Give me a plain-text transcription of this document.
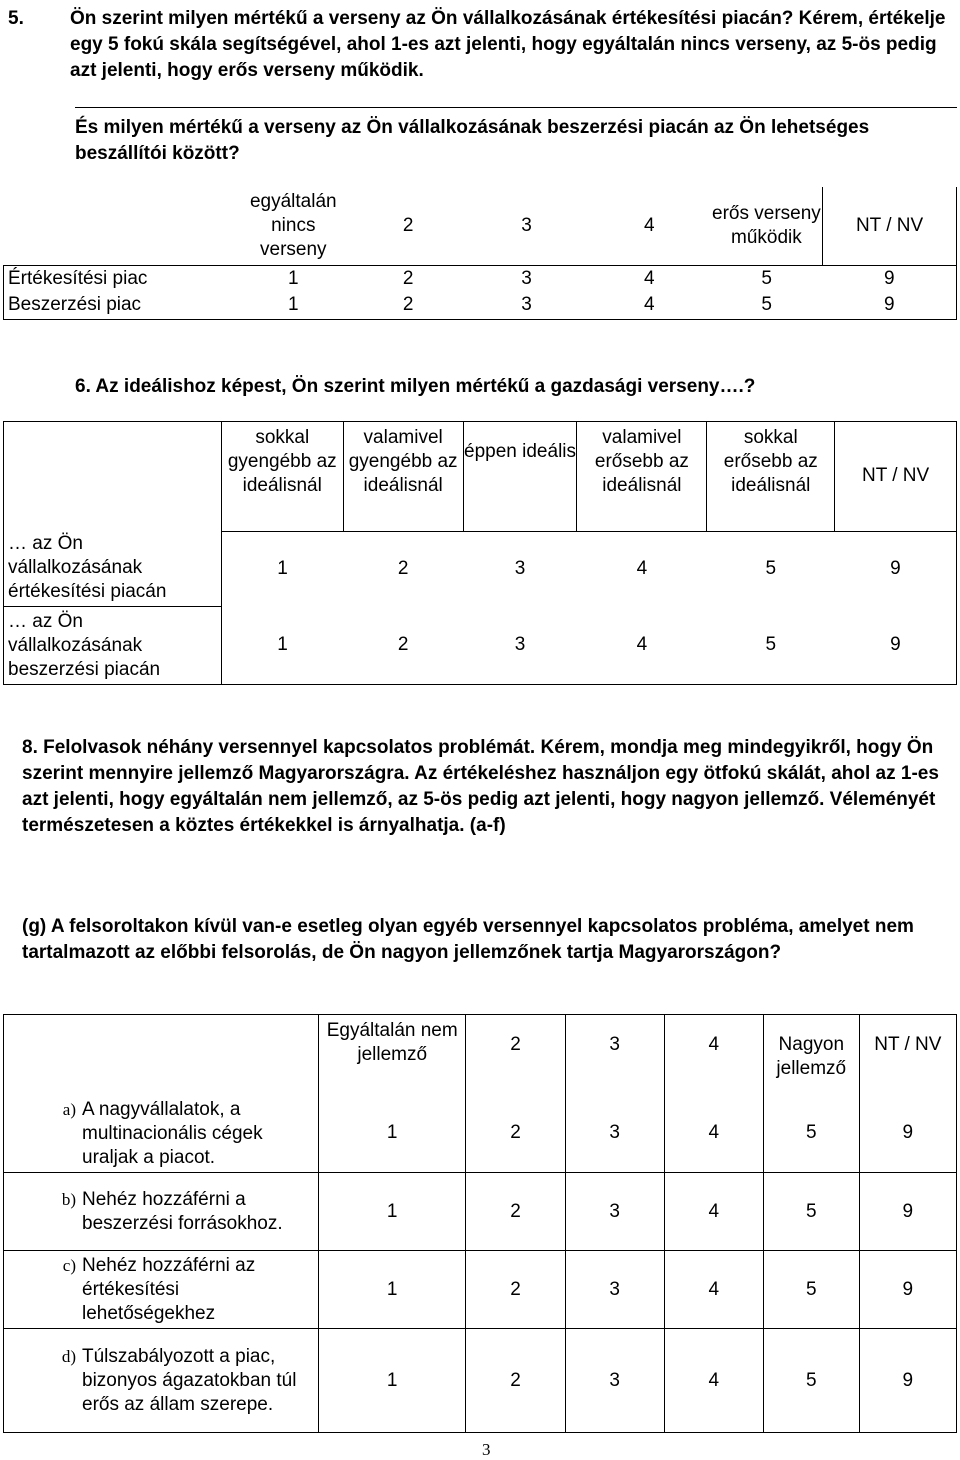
5. Ön szerint milyen mértékű a verseny az Ön vállalkozásának értékesítési piacán? Kérem, értékelje egy 5 fokú skála segítségével, ahol 1-es azt jelenti, hogy egyáltalán nincs verseny, az 5-ös pedig azt jelenti, hogy erős verseny működik.
És milyen mértékű a verseny az Ön vállalkozásának beszerzési piacán az Ön lehetséges beszállítói között?
	egyáltalán nincs verseny	2	3	4	erős verseny működik	NT / NV
Értékesítési piac	1	2	3	4	5	9
Beszerzési piac	1	2	3	4	5	9
6. Az ideálishoz képest, Ön szerint milyen mértékű a gazdasági verseny….?
	sokkal gyengébb az ideálisnál	valamivel gyengébb az ideálisnál	éppen ideális	valamivel erősebb az ideálisnál	sokkal erősebb az ideálisnál	NT / NV
… az Ön vállalkozásának értékesítési piacán	1	2	3	4	5	9
… az Ön vállalkozásának beszerzési piacán	1	2	3	4	5	9
8. Felolvasok néhány versennyel kapcsolatos problémát. Kérem, mondja meg mindegyikről, hogy Ön szerint mennyire jellemző Magyarországra. Az értékeléshez használjon egy ötfokú skálát, ahol az 1-es azt jelenti, hogy egyáltalán nem jellemző, az 5-ös pedig azt jelenti, hogy nagyon jellemző. Véleményét természetesen a köztes értékekkel is árnyalhatja. (a-f)
(g) A felsoroltakon kívül van-e esetleg olyan egyéb versennyel kapcsolatos probléma, amelyet nem tartalmazott az előbbi felsorolás, de Ön nagyon jellemzőnek tartja Magyarországon?
	Egyáltalán nem jellemző	2	3	4	Nagyon jellemző	NT / NV

a) A nagyvállalatok, a multinacionális cégek uraljak a piacot.	1	2	3	4	5	9

b) Nehéz hozzáférni a beszerzési forrásokhoz.	1	2	3	4	5	9

c) Nehéz hozzáférni az értékesítési lehetőségekhez	1	2	3	4	5	9

d) Túlszabályozott a piac, bizonyos ágazatokban túl erős az állam szerepe.	1	2	3	4	5	9
3
